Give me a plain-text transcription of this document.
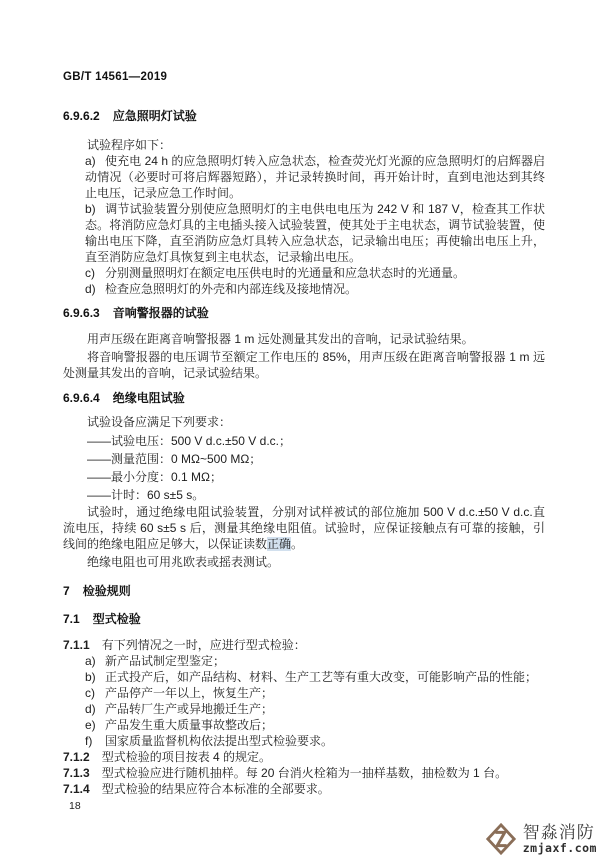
GB/T 14561—2019
6.9.6.2 应急照明灯试验

试验程序如下：

a) 使充电 24 h 的应急照明灯转入应急状态，检查荧光灯光源的应急照明灯的启辉器启动情况（必要时可将启辉器短路），并记录转换时间，再开始计时，直到电池达到其终止电压，记录应急工作时间。
b) 调节试验装置分别使应急照明灯的主电供电电压为 242 V 和 187 V，检查其工作状态。将消防应急灯具的主电插头接入试验装置，使其处于主电状态，调节试验装置，使输出电压下降，直至消防应急灯具转入应急状态，记录输出电压；再使输出电压上升，直至消防应急灯具恢复到主电状态，记录输出电压。
c) 分别测量照明灯在额定电压供电时的光通量和应急状态时的光通量。
d) 检查应急照明灯的外壳和内部连线及接地情况。
6.9.6.3 音响警报器的试验

用声压级在距离音响警报器 1 m 远处测量其发出的音响，记录试验结果。

将音响警报器的电压调节至额定工作电压的 85%，用声压级在距离音响警报器 1 m 远处测量其发出的音响，记录试验结果。

6.9.6.4 绝缘电阻试验

试验设备应满足下列要求：

——试验电压：500 V d.c.±50 V d.c.；
——测量范围：0 MΩ~500 MΩ；
——最小分度：0.1 MΩ；
——计时：60 s±5 s。

试验时，通过绝缘电阻试验装置，分别对试样被试的部位施加 500 V d.c.±50 V d.c.直流电压，持续 60 s±5 s 后，测量其绝缘电阻值。试验时，应保证接触点有可靠的接触，引线间的绝缘电阻应足够大，以保证读数正确。

绝缘电阻也可用兆欧表或摇表测试。

7 检验规则
7.1 型式检验
7.1.1 有下列情况之一时，应进行型式检验：
a) 新产品试制定型鉴定；
b) 正式投产后，如产品结构、材料、生产工艺等有重大改变，可能影响产品的性能；
c) 产品停产一年以上，恢复生产；
d) 产品转厂生产或异地搬迁生产；
e) 产品发生重大质量事故整改后；
f) 国家质量监督机构依法提出型式检验要求。
7.1.2 型式检验的项目按表 4 的规定。
7.1.3 型式检验应进行随机抽样。每 20 台消火栓箱为一抽样基数，抽检数为 1 台。
7.1.4 型式检验的结果应符合本标准的全部要求。
18
智淼消防
zmjaxf.com
